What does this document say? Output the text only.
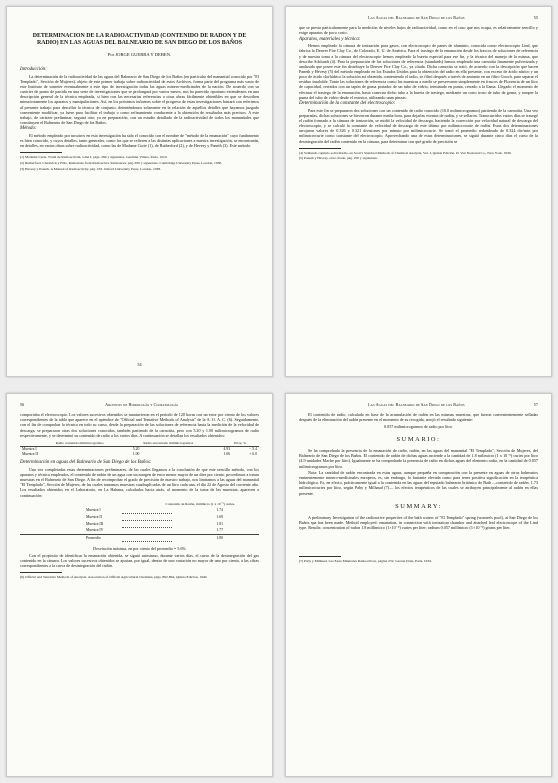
DETERMINACION DE LA RADIOACTIVIDAD (CONTENIDO DE RADON Y DE RADIO) EN LAS AGUAS DEL BALNEARIO DE SAN DIEGO DE LOS BAÑOS
Por JORGE GUERRA Y DEBEN.

Introducción:

La determinación de la radioactividad de las aguas del Balneario de San Diego de los Baños (en particular del manantial conocido por "El Templado", Sección de Mujeres), objeto de este primer trabajo sobre radioactividad de estos Archivos, forma parte del programa más vasto de este Instituto de someter eventualmente a este tipo de investigación todas las aguas minero-medicinales de la nación. De acuerdo con su carácter de punto de partida en una serie de investigaciones que se prolongará por varios meses, nos ha parecido oportuno extendernos en una descripción general de la técnica empleada, si bien con las necesarias referencias a otras obras fácilmente obtenibles en que se describen minuciosamente los aparatos y manipulaciones. Así, en los próximos informes sobre el progreso de estas investigaciones bastará con referirnos al presente trabajo para describir la técnica de conjunto, deteniéndonos solamente en la relación de aquellos detalles que hayamos juzgado conveniente modificar, ya fuere para facilitar el trabajo o como refinamiento conducente a la obtención de resultados más precisos. A este trabajo, de carácter preliminar, seguirá otro, ya en preparación, con un estudio detallado de la radioactividad de todos los manantiales que constituyen el Balneario de San Diego de los Baños.

Método:

El método empleado por nosotros en esta investigación ha sido el conocido con el nombre de "método de la emanación" cuyo fundamento es bien conocido, y cuyos detalles, tanto generales, como los que se refieren a las distintas aplicaciones a nuestra investigación, se encontrarán, en detalles, en varias obras sobre radioactividad, como las de Madame Curie (1), de Rutherford (2), y de Hevesy y Paneth (3). Este método.

(1) Madame Curie. Traité de Radioactivité, tome I, págs. 280 y siguientes. Gauthier Villars, Paris, 1910.

(2) Rutherford, Chadwick y Ellis. Radiations from Radioactive Substances, pág. 650 y siguientes. Cambridge University Press, London, 1930.

(3) Hevesy y Paneth. A Manual of Radioactivity, pág. 233. Oxford University Press. London, 1938.

54
Las Aguas del Balneario de San Diego de los Baños	55

que se presta particularmente para la medición de niveles bajos de radioactividad, como en el caso que nos ocupa, es relativamente sencillo y exige aparatos de poco costo.

Aparatos, materiales y técnica:

Hemos empleado la cámara de ionización para gases, con electroscopio de panes de aluminio, conocida como electroscopio Lind, que fabrica la Denver Fire Clay Co., de Colorado, E. U. de América. Para el trasiego de la emanación desde los frascos de soluciones de referencia y de nuestra toma a la cámara del electroscopio hemos empleado la bureta especial para ese fin, y la técnica del manejo de la misma, que describe Schlundt (4). Para la preparación de las soluciones de referencia (standards) hemos empleado una carnotita finamente pulverizada y analizada que posee este fin distribuye la Denver Fire Clay Co., ya citada. Dicha carnotita se trató, de acuerdo con la descripción que hacen Paneth y Hevesy (5) del método empleado en los Estados Unidos para la obtención del radio en ella presente, con exceso de ácido nítrico y un poco de ácido clorhídrico la solución así obtenida, conteniendo el radio, se filtró después a través de amianto en un filtro Gooch, para separar el residuo insoluble. Tanto las soluciones de referencia como las muestras a medir se preservaron simplemente en frascos de Florencia de un litro de capacidad, cerrados con un tapón de goma portador de un tubo de vidrio, terminado en punta, cerrado a la llama. Llegado el momento de efectuar el trasiego de la emanación, basta conectar dicho tubo a la bureta de trasiego, mediante un corto trozo de tubo de goma, y romper la punta del tubo de vidrio desde el exterior, utilizando unas pinzas.

Determinación de la constante del electroscopio:

Para este fin se prepararon dos soluciones con un contenido de radio conocido (10.0 milimicrogramos) partiendo de la carnotita. Una vez preparadas, dichas soluciones se hirvieron durante media hora, para dejarlas exentas de radón, y se sellaron. Transcurridos varios días se trasegó el radón formado a la cámara de ionización, se midió la velocidad de descarga, haciendo la corrección por velocidad natural de descarga del electroscopio, y se calculó la constante de velocidad de descarga de este último por milimicrocurie de radón. Estas dos determinaciones arrojaron valores de 0.326 y 0.321 divisiones por minuto por milimicrocurie. Se tomó el promedio redondeado de 0.324 div/min por milimicrocurie como constante del electroscopio. Aprovechando una de estas determinaciones, se siguió durante cinco días el curso de la desintegración del radón contenido en la cámara, para determinar con qué grado de precisión se

(4) Schlundt, capítulo sobre Radio, en Scott's Standard Methods of Chemical Analysis, Vol. I, Quinta Edición, D. Van Nostrand Co., New York, 1939.

(5) Paneth y Hevesy, obra citada, pág. 250 y siguientes.

56	Archivos de Hidrología y Climatología

comportaba el electroscopio. Los valores sucesivos obtenidos se mantuvieron en el período de 120 horas con un error por ciento de los valores correspondientes de la tabla que aparece en el apéndice de "Official and Tentative Methods of Analysis" de la A. O. A. C. (6). Seguidamente, con el fin de comprobar la técnica en todo su curso, desde la preparación de las soluciones de referencia hasta la medición de la velocidad de descarga, se prepararon otras dos soluciones conocidas, también partiendo de la carnotita, pero con 5.20 y 1.00 milimicrogramos de radio respectivamente, y se determinó su contenido de radio a los varios días. A continuación se detallan los resultados obtenidos:

	Radio contenido milimicrogramos	Radio encontrado milimicrogramos	Error, %
Muestra I	5.20	4.93	− 5.4
Muestra II	1.00	1.06	+ 6.0

Determinación en aguas del Balneario de San Diego de los Baños:

Una vez completadas estas determinaciones preliminares, de las cuales llegamos a la conclusión de que este sencillo método, con los aparatos y técnica empleados, el contenido de radón de un agua con un margen de error menor mayor de un diez por ciento, procedimos a tomar muestras en el Balneario de San Diego. A fin de recomprobar el grado de precisión de nuestro trabajo, nos limitamos a las aguas del manantial "El Templado", Sección de Mujeres, de las cuales tomamos muestras cuadruplicadas de un litro cada una, el día 22 de Agosto del corriente año. Los resultados obtenidos en el Laboratorio, en La Habana, calculados hacia atrás, al momento de la toma de las muestras, aparecen a continuación:

Contenido de Radón, milimicro (1 x 10⁻⁹) curies.		
Muestra I		1.74
Muestra II		1.69
Muestra III		1.81
Muestra IV		1.77
Promedio		1.80

Desviación máxima, en por ciento del promedio = 5.6%

Con el propósito de identificar la emanación obtenida, se siguió asimismo, durante varios días, el curso de la desintegración del gas contenido en la cámara. Los valores sucesivos obtenidos se ajustan, por igual, dentro de uno variación no mayor de uno por ciento, a las cifras correspondientes a la curva de desintegración del radón.

(6) Official and Tentative Methods of Analysis. Association of Official Agricultural Chemists, págs. 892-894, Quinta Edición, 1940.

Las Aguas del Balneario de San Diego de los Baños	57

El contenido de radio, calculado en base de la acumulación de radón en las mismas muestras, que fueron convenientemente selladas después de la eliminación del radón presente en el momento de su recogida, arrojó el resultado siguiente:

0.057 milimicrogramos de radio por litro.

SUMARIO:

Se ha comprobado la presencia de la emanación de radio, radón, en las aguas del manantial "El Templado", Sección de Mujeres, del Balneario de San Diego de los Baños. El contenido de radón de dichas aguas asciende a la cantidad de 1.8 milimicro (1 x 10⁻⁹) curies por litro (4.9 unidades Mache por litro). Igualmente se ha comprobado la presencia de radio en dichas aguas del elemento radio, en la cantidad de 0.057 milimicrogramos por litro.

Nota: La cantidad de radón encontrada en estas aguas, aunque pequeña en comparación con la presente en aguas de otros balnearios eminentemente minero-medicinales europeos, es, sin embargo, lo bastante elevada como para tener positiva significación en la terapéutica hidrológica. Es, en efecto, prácticamente igual a la contenida en las aguas del reputado balneario británico de Bath —contenido de radón: 1.73 milimicrocuries por litro, según Paby y Milhaud (7)— los efectos terapéuticos de las cuales se atribuyen principalmente al radón en ellas presente.

SUMMARY:

A preliminary Investigation of the radioactive properties of the bath waters of "El Templado" spring (women's pool), at San Diego de los Baños spa has been made. Method employed: emanation, in connection with ionization chamber and attached leaf electroscope of the Lind type. Results: concentration of radon 1.8 millimicro (1×10⁻⁹) curies per liter; radium 0.057 millimicro (1×10⁻⁹) grams per liter.

(7) Paby y Milhaud. Les Eaux Minérales Radioactives, página 232. Gaston Doin, Paris, 1934.
